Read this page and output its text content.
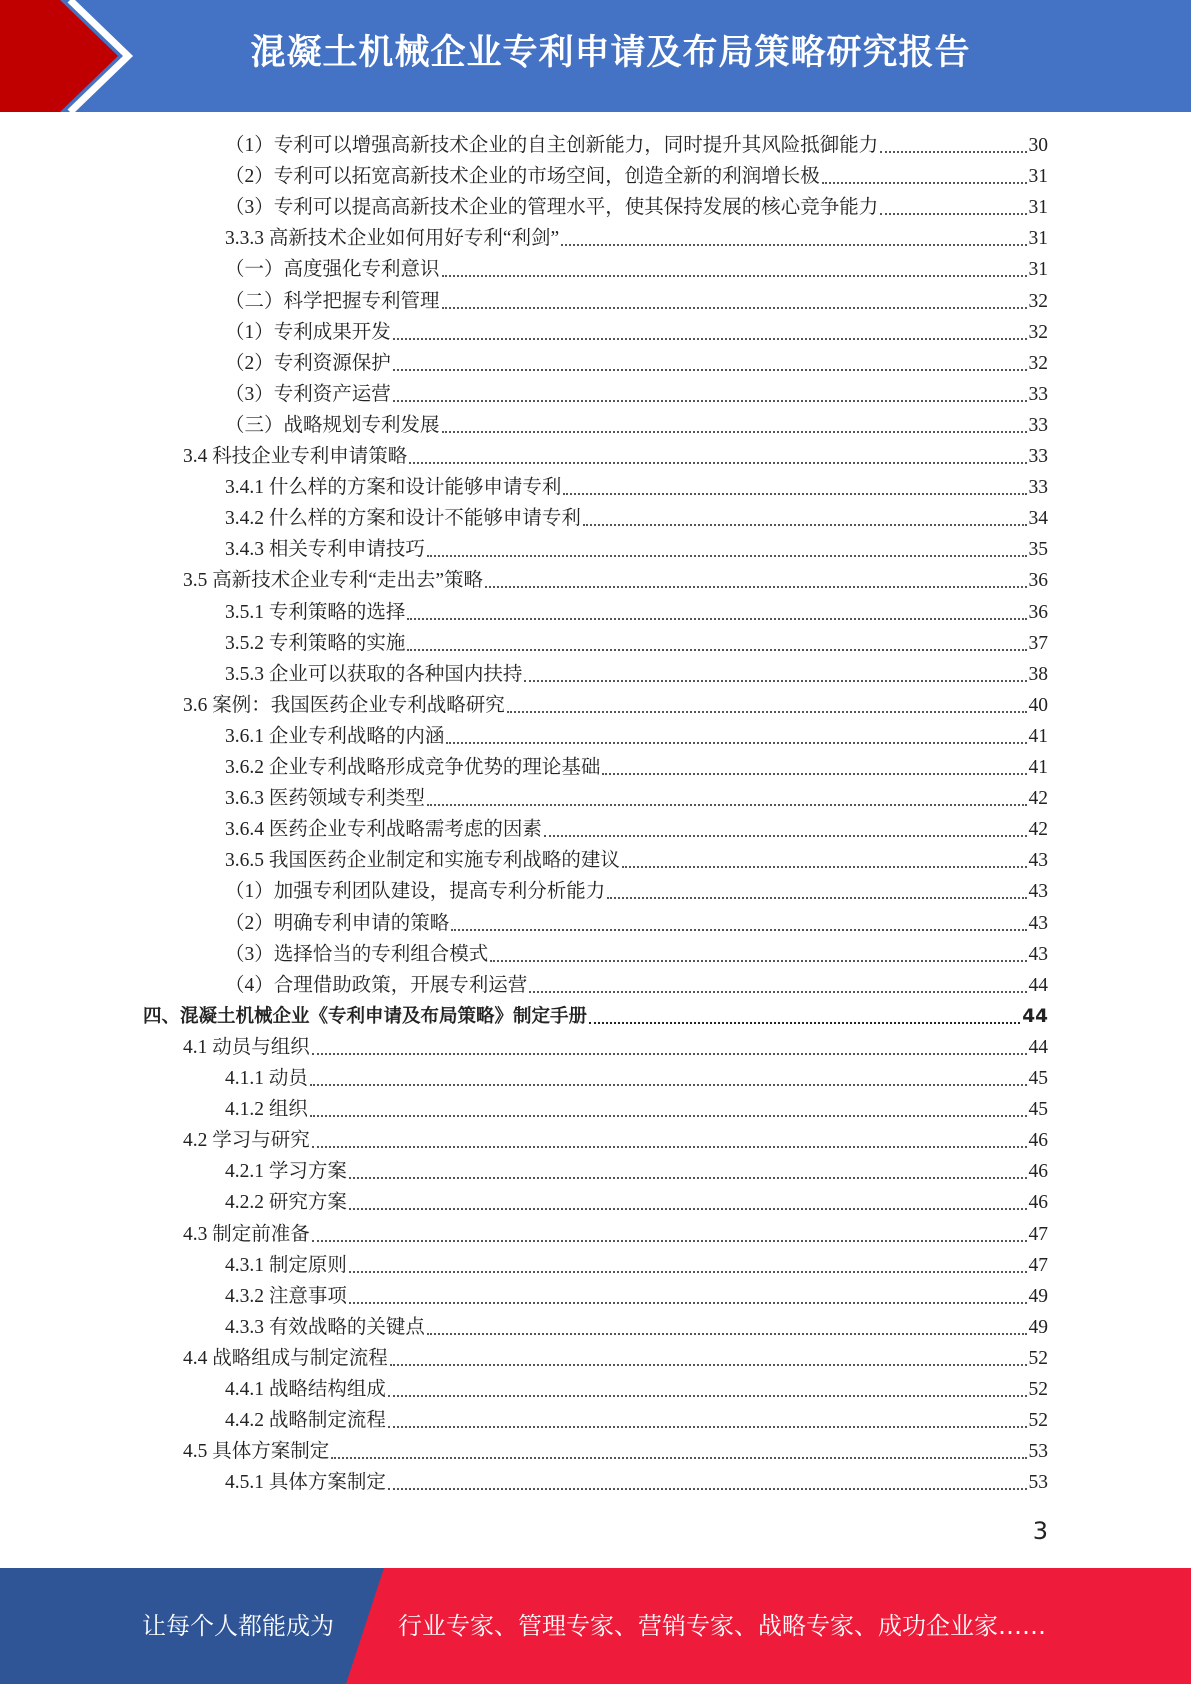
混凝土机械企业专利申请及布局策略研究报告
（1）专利可以增强高新技术企业的自主创新能力，同时提升其风险抵御能力	30
（2）专利可以拓宽高新技术企业的市场空间，创造全新的利润增长极	31
（3）专利可以提高高新技术企业的管理水平，使其保持发展的核心竞争能力	31
3.3.3 高新技术企业如何用好专利“利剑”	31
（一）高度强化专利意识	31
（二）科学把握专利管理	32
（1）专利成果开发	32
（2）专利资源保护	32
（3）专利资产运营	33
（三）战略规划专利发展	33
3.4 科技企业专利申请策略	33
3.4.1 什么样的方案和设计能够申请专利	33
3.4.2 什么样的方案和设计不能够申请专利	34
3.4.3 相关专利申请技巧	35
3.5 高新技术企业专利“走出去”策略	36
3.5.1 专利策略的选择	36
3.5.2 专利策略的实施	37
3.5.3 企业可以获取的各种国内扶持	38
3.6 案例：我国医药企业专利战略研究	40
3.6.1 企业专利战略的内涵	41
3.6.2 企业专利战略形成竞争优势的理论基础	41
3.6.3 医药领域专利类型	42
3.6.4 医药企业专利战略需考虑的因素	42
3.6.5 我国医药企业制定和实施专利战略的建议	43
（1）加强专利团队建设，提高专利分析能力	43
（2）明确专利申请的策略	43
（3）选择恰当的专利组合模式	43
（4）合理借助政策，开展专利运营	44
四、混凝土机械企业《专利申请及布局策略》制定手册	44
4.1 动员与组织	44
4.1.1 动员	45
4.1.2 组织	45
4.2 学习与研究	46
4.2.1 学习方案	46
4.2.2 研究方案	46
4.3 制定前准备	47
4.3.1 制定原则	47
4.3.2 注意事项	49
4.3.3 有效战略的关键点	49
4.4 战略组成与制定流程	52
4.4.1 战略结构组成	52
4.4.2 战略制定流程	52
4.5 具体方案制定	53
4.5.1 具体方案制定	53
3
让每个人都能成为	行业专家、管理专家、营销专家、战略专家、成功企业家……
